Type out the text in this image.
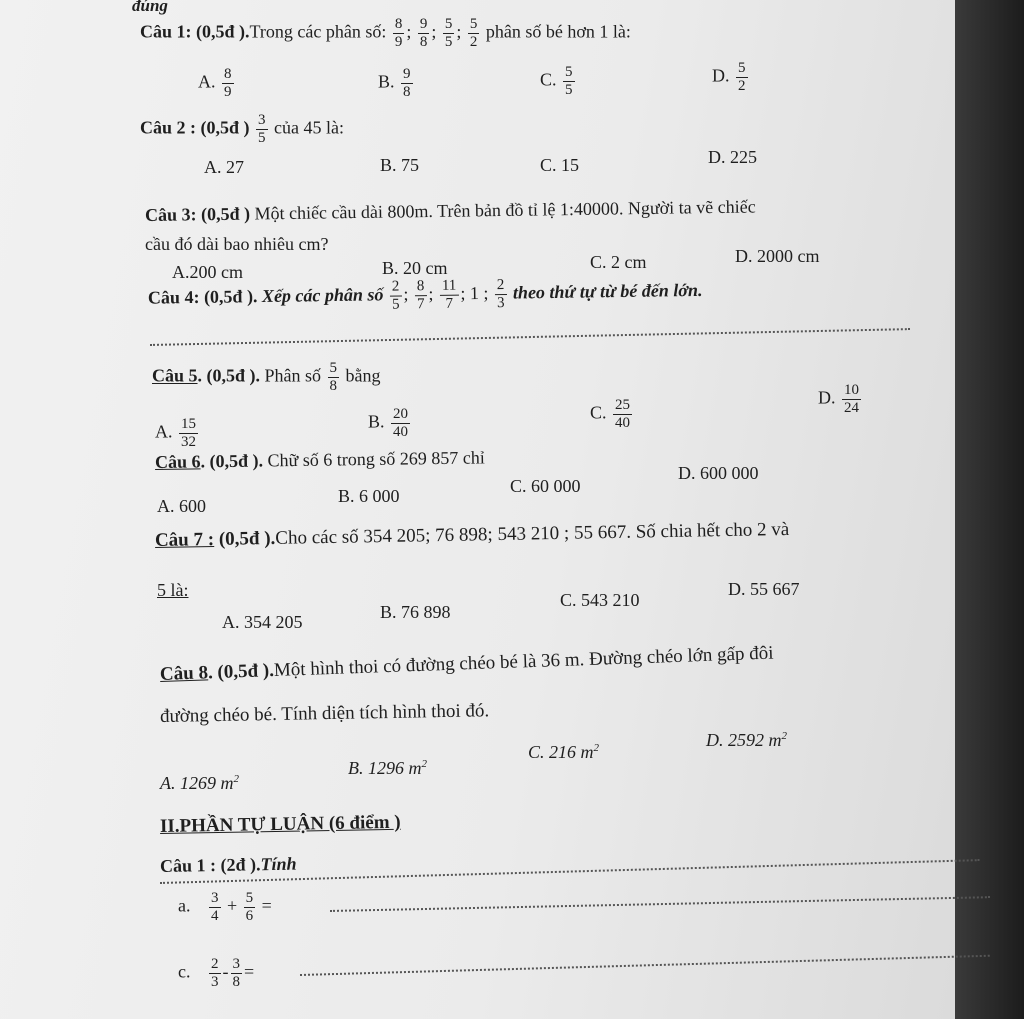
đúng
Câu 1: (0,5đ ).Trong các phân số: $\frac{8}{9}$ ; $\frac{9}{8}$ ; $\frac{5}{5}$ ; $\frac{5}{2}$ phân số bé hơn 1 là:
A. $\frac{8}{9}$	B. $\frac{9}{8}$	C. $\frac{5}{5}$	D. $\frac{5}{2}$
Câu 2 : (0,5đ ) $\frac{3}{5}$ của 45 là:
A. 27	B. 75	C. 15	D. 225
Câu 3: (0,5đ ) Một chiếc cầu dài 800m. Trên bản đồ tỉ lệ 1:40000. Người ta vẽ chiếc
cầu đó dài bao nhiêu cm?
A.200 cm	B. 20 cm	C. 2 cm	D. 2000 cm
Câu 4: (0,5đ ). Xếp các phân số $\frac{2}{5}$ ; $\frac{8}{7}$ ; $\frac{11}{7}$ ; 1 ; $\frac{2}{3}$ theo thứ tự từ bé đến lớn.
Câu 5. (0,5đ ). Phân số $\frac{5}{8}$ bằng
A. $\frac{15}{32}$	B. $\frac{20}{40}$	C. $\frac{25}{40}$	D. $\frac{10}{24}$
Câu 6. (0,5đ ). Chữ số 6 trong số 269 857 chỉ
A. 600	B. 6 000	C. 60 000
D. 600 000
Câu 7 : (0,5đ ).Cho các số 354 205; 76 898; 543 210 ; 55 667. Số chia hết cho 2 và
5 là:
A. 354 205	B. 76 898
C. 543 210
D. 55 667
Câu 8. (0,5đ ).Một hình thoi có đường chéo bé là 36 m. Đường chéo lớn gấp đôi
đường chéo bé. Tính diện tích hình thoi đó.
A. 1269 $m^2$
B. 1296 $m^2$
C. 216 $m^2$	D. 2592 $m^2$
II.PHẦN TỰ LUẬN (6 điểm )
Câu 1 : (2đ ).Tính
a. $\frac{3}{4} + \frac{5}{6}$ =
c. $\frac{2}{3} - \frac{3}{8}$ =
